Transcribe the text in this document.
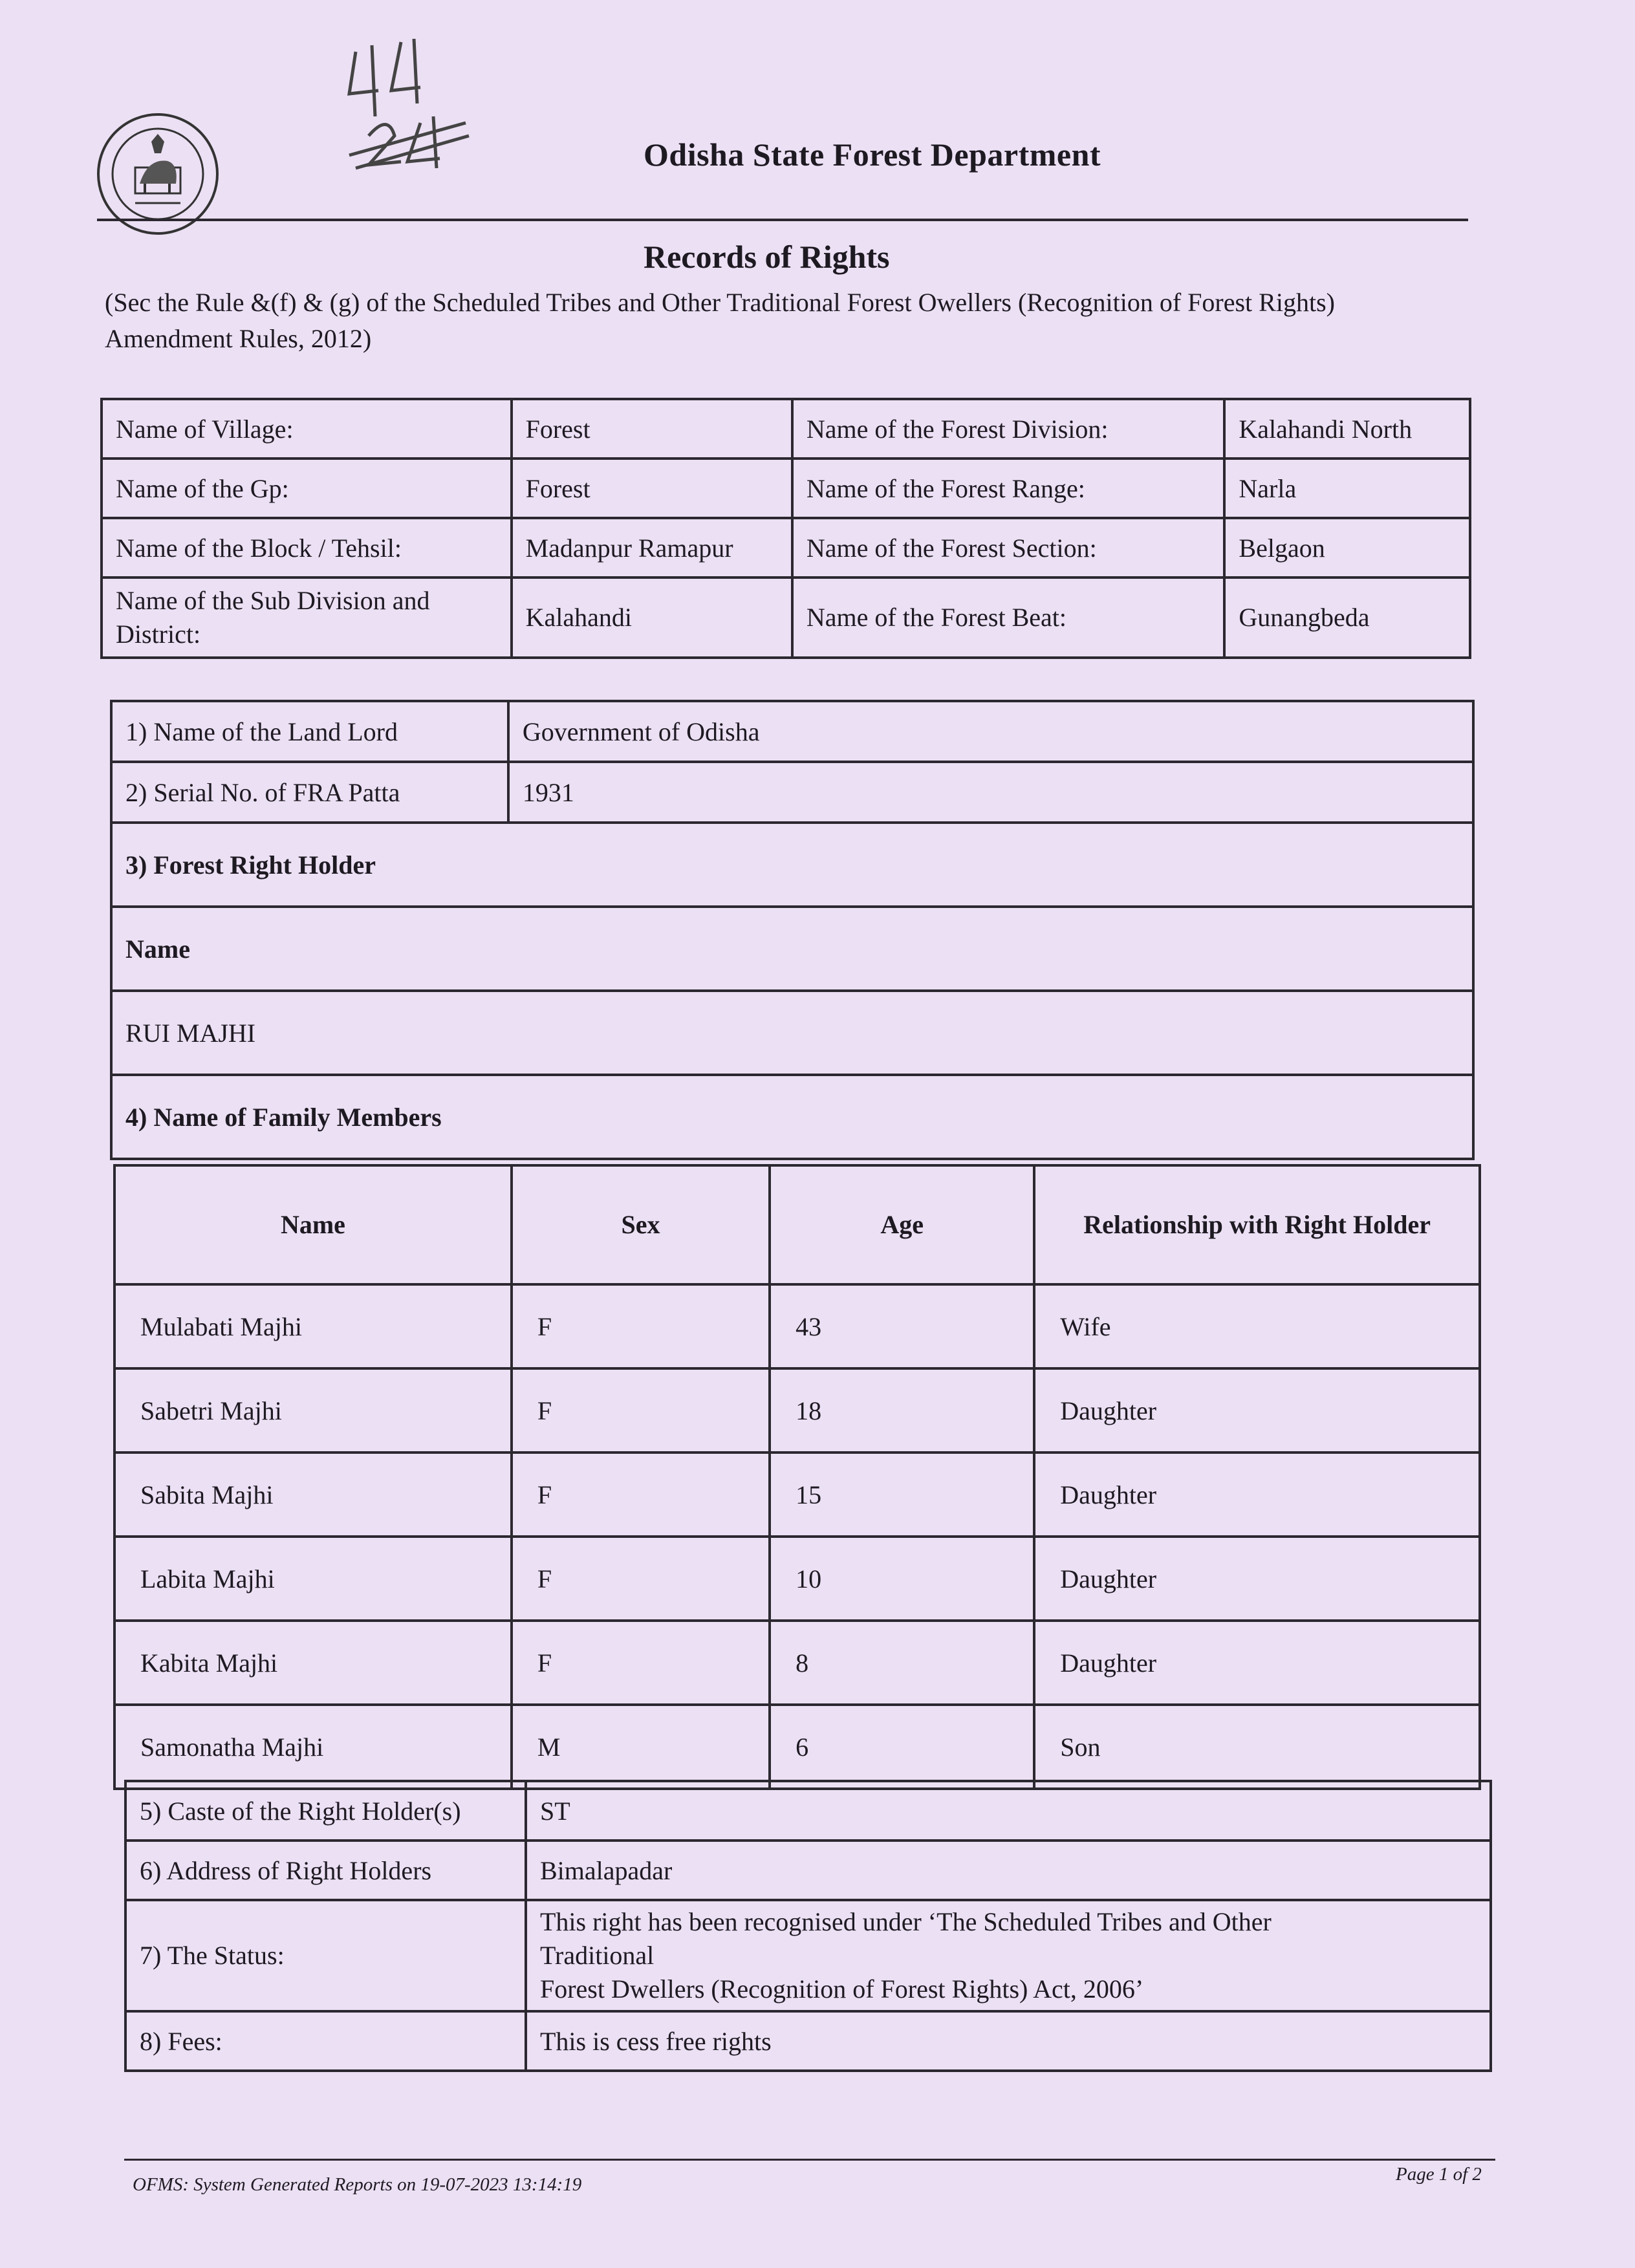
Odisha State Forest Department
Records of Rights
(Sec the Rule &(f) & (g) of the Scheduled Tribes and Other Traditional Forest Owellers (Recognition of Forest Rights) Amendment Rules, 2012)
Name of Village:	Forest	Name of the Forest Division:	Kalahandi North
Name of the Gp:	Forest	Name of the Forest Range:	Narla
Name of the Block / Tehsil:	Madanpur Ramapur	Name of the Forest Section:	Belgaon
Name of the Sub Division and District:	Kalahandi	Name of the Forest Beat:	Gunangbeda
1) Name of the Land Lord	Government of Odisha
2) Serial No. of FRA Patta	1931
3) Forest Right Holder	
Name	
RUI MAJHI	
4) Name of Family Members	
Name	Sex	Age	Relationship with Right Holder
Mulabati Majhi	F	43	Wife
Sabetri Majhi	F	18	Daughter
Sabita Majhi	F	15	Daughter
Labita Majhi	F	10	Daughter
Kabita Majhi	F	8	Daughter
Samonatha Majhi	M	6	Son
5) Caste of the Right Holder(s)	ST
6) Address of Right Holders	Bimalapadar
7) The Status:	This right has been recognised under ‘The Scheduled Tribes and Other
Traditional
Forest Dwellers (Recognition of Forest Rights) Act, 2006’

8) Fees:	This is cess free rights
OFMS: System Generated Reports on 19-07-2023 13:14:19	Page 1 of 2
